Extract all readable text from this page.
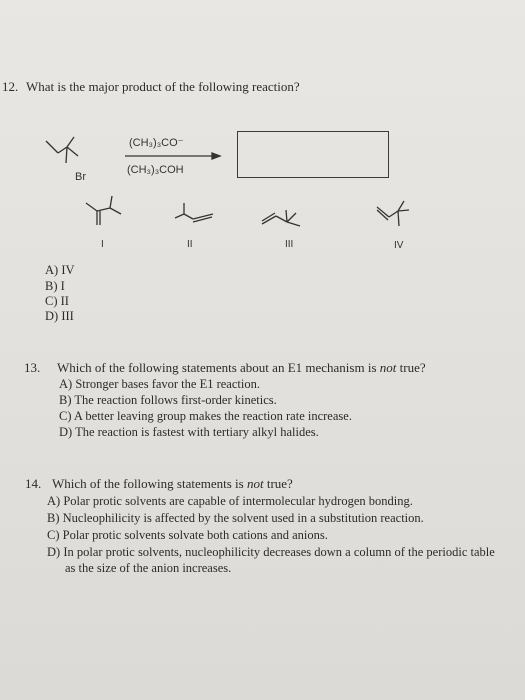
12. What is the major product of the following reaction?
(CH₃)₃CO⁻
(CH₃)₃COH
Br
I	II	III	IV
A) IV
B) I
C) II
D) III
13. Which of the following statements about an E1 mechanism is not true?
A) Stronger bases favor the E1 reaction.
B) The reaction follows first-order kinetics.
C) A better leaving group makes the reaction rate increase.
D) The reaction is fastest with tertiary alkyl halides.
14. Which of the following statements is not true?
A) Polar protic solvents are capable of intermolecular hydrogen bonding.
B) Nucleophilicity is affected by the solvent used in a substitution reaction.
C) Polar protic solvents solvate both cations and anions.
D) In polar protic solvents, nucleophilicity decreases down a column of the periodic table
as the size of the anion increases.
